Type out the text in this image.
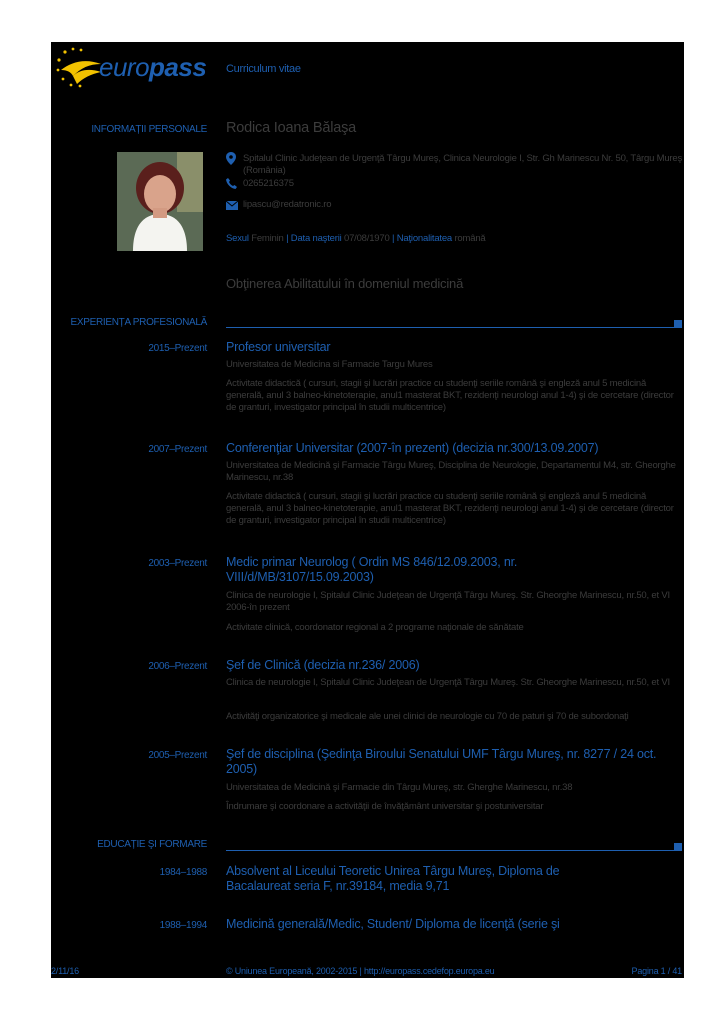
europass Curriculum vitae
INFORMAȚII PERSONALE Rodica Ioana Bălaşa
Spitalul Clinic Judeţean de Urgenţă Târgu Mureş, Clinica Neurologie I, Str. Gh Marinescu Nr. 50, Târgu Mureş (România)
0265216375
lipascu@redatronic.ro
Sexul Feminin | Data naşterii 07/08/1970 | Naţionalitatea română
Obţinerea Abilitatului în domeniul medicină
EXPERIENȚA PROFESIONALĂ
2015–Prezent Profesor universitar
Universitatea de Medicina si Farmacie Targu Mures
Activitate didactică ( cursuri, stagii şi lucrări practice cu studenţi seriile română şi engleză anul 5 medicină generală, anul 3 balneo-kinetoterapie, anul1 masterat BKT, rezidenţi neurologi anul 1-4) şi de cercetare (director de granturi, investigator principal în studii multicentrice)
2007–Prezent Conferenţiar Universitar (2007-în prezent) (decizia nr.300/13.09.2007)
Universitatea de Medicină şi Farmacie Târgu Mureş, Disciplina de Neurologie, Departamentul M4, str. Gheorghe Marinescu, nr.38
Activitate didactică ( cursuri, stagii şi lucrări practice cu studenţi seriile română şi engleză anul 5 medicină generală, anul 3 balneo-kinetoterapie, anul1 masterat BKT, rezidenţi neurologi anul 1-4) şi de cercetare (director de granturi, investigator principal în studii multicentrice)
2003–Prezent Medic primar Neurolog ( Ordin MS 846/12.09.2003, nr. VIII/d/MB/3107/15.09.2003)
Clinica de neurologie I, Spitalul Clinic Judeţean de Urgenţă Târgu Mureş. Str. Gheorghe Marinescu, nr.50, et VI 2006-în prezent
Activitate clinică, coordonator regional a 2 programe naţionale de sănătate
2006–Prezent Şef de Clinică (decizia nr.236/ 2006)
Clinica de neurologie I, Spitalul Clinic Judeţean de Urgenţă Târgu Mureş. Str. Gheorghe Marinescu, nr.50, et VI
Activităţi organizatorice şi medicale ale unei clinici de neurologie cu 70 de paturi şi 70 de subordonaţi
2005–Prezent Şef de disciplina (Şedinţa Biroului Senatului UMF Târgu Mureş, nr. 8277 / 24 oct. 2005)
Universitatea de Medicină şi Farmacie din Târgu Mureş, str. Gherghe Marinescu, nr.38
Îndrumare şi coordonare a activităţii de învăţământ universitar şi postuniversitar
EDUCAȚIE ŞI FORMARE
1984–1988 Absolvent al Liceului Teoretic Unirea Târgu Mureş, Diploma de Bacalaureat seria F, nr.39184, media 9,71
1988–1994 Medicină generală/Medic, Student/ Diploma de licenţă (serie şi
2/11/16	© Uniunea Europeană, 2002-2015 | http://europass.cedefop.europa.eu	Pagina 1 / 41
